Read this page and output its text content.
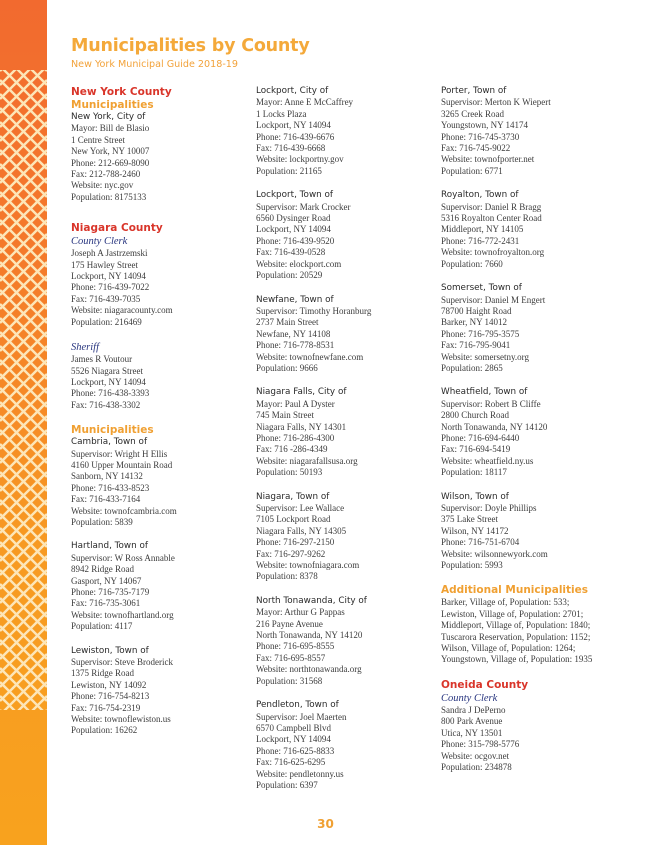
Municipalities by County
New York Municipal Guide 2018-19
New York County
Municipalities
New York, City of
Mayor: Bill de Blasio
1 Centre Street
New York, NY 10007
Phone: 212-669-8090
Fax: 212-788-2460
Website: nyc.gov
Population: 8175133
Niagara County
County Clerk
Joseph A Jastrzemski
175 Hawley Street
Lockport, NY 14094
Phone: 716-439-7022
Fax: 716-439-7035
Website: niagaracounty.com
Population: 216469
Sheriff
James R Voutour
5526 Niagara Street
Lockport, NY 14094
Phone: 716-438-3393
Fax: 716-438-3302
Municipalities
Cambria, Town of
Supervisor: Wright H Ellis
4160 Upper Mountain Road
Sanborn, NY 14132
Phone: 716-433-8523
Fax: 716-433-7164
Website: townofcambria.com
Population: 5839
Hartland, Town of
Supervisor: W Ross Annable
8942 Ridge Road
Gasport, NY 14067
Phone: 716-735-7179
Fax: 716-735-3061
Website: townofhartland.org
Population: 4117
Lewiston, Town of
Supervisor: Steve Broderick
1375 Ridge Road
Lewiston, NY 14092
Phone: 716-754-8213
Fax: 716-754-2319
Website: townoflewiston.us
Population: 16262
Lockport, City of
Mayor: Anne E McCaffrey
1 Locks Plaza
Lockport, NY 14094
Phone: 716-439-6676
Fax: 716-439-6668
Website: lockportny.gov
Population: 21165
Lockport, Town of
Supervisor: Mark Crocker
6560 Dysinger Road
Lockport, NY 14094
Phone: 716-439-9520
Fax: 716-439-0528
Website: elockport.com
Population: 20529
Newfane, Town of
Supervisor: Timothy Horanburg
2737 Main Street
Newfane, NY 14108
Phone: 716-778-8531
Website: townofnewfane.com
Population: 9666
Niagara Falls, City of
Mayor: Paul A Dyster
745 Main Street
Niagara Falls, NY 14301
Phone: 716-286-4300
Fax: 716 -286-4349
Website: niagarafallsusa.org
Population: 50193
Niagara, Town of
Supervisor: Lee Wallace
7105 Lockport Road
Niagara Falls, NY 14305
Phone: 716-297-2150
Fax: 716-297-9262
Website: townofniagara.com
Population: 8378
North Tonawanda, City of
Mayor: Arthur G Pappas
216 Payne Avenue
North Tonawanda, NY 14120
Phone: 716-695-8555
Fax: 716-695-8557
Website: northtonawanda.org
Population: 31568
Pendleton, Town of
Supervisor: Joel Maerten
6570 Campbell Blvd
Lockport, NY 14094
Phone: 716-625-8833
Fax: 716-625-6295
Website: pendletonny.us
Population: 6397
Porter, Town of
Supervisor: Merton K Wiepert
3265 Creek Road
Youngstown, NY 14174
Phone: 716-745-3730
Fax: 716-745-9022
Website: townofporter.net
Population: 6771
Royalton, Town of
Supervisor: Daniel R Bragg
5316 Royalton Center Road
Middleport, NY 14105
Phone: 716-772-2431
Website: townofroyalton.org
Population: 7660
Somerset, Town of
Supervisor: Daniel M Engert
78700 Haight Road
Barker, NY 14012
Phone: 716-795-3575
Fax: 716-795-9041
Website: somersetny.org
Population: 2865
Wheatfield, Town of
Supervisor: Robert B Cliffe
2800 Church Road
North Tonawanda, NY 14120
Phone: 716-694-6440
Fax: 716-694-5419
Website: wheatfield.ny.us
Population: 18117
Wilson, Town of
Supervisor: Doyle Phillips
375 Lake Street
Wilson, NY 14172
Phone: 716-751-6704
Website: wilsonnewyork.com
Population: 5993
Additional Municipalities
Barker, Village of, Population: 533;
Lewiston, Village of, Population: 2701;
Middleport, Village of, Population: 1840;
Tuscarora Reservation, Population: 1152;
Wilson, Village of, Population: 1264;
Youngstown, Village of, Population: 1935
Oneida County
County Clerk
Sandra J DePerno
800 Park Avenue
Utica, NY 13501
Phone: 315-798-5776
Website: ocgov.net
Population: 234878
30
